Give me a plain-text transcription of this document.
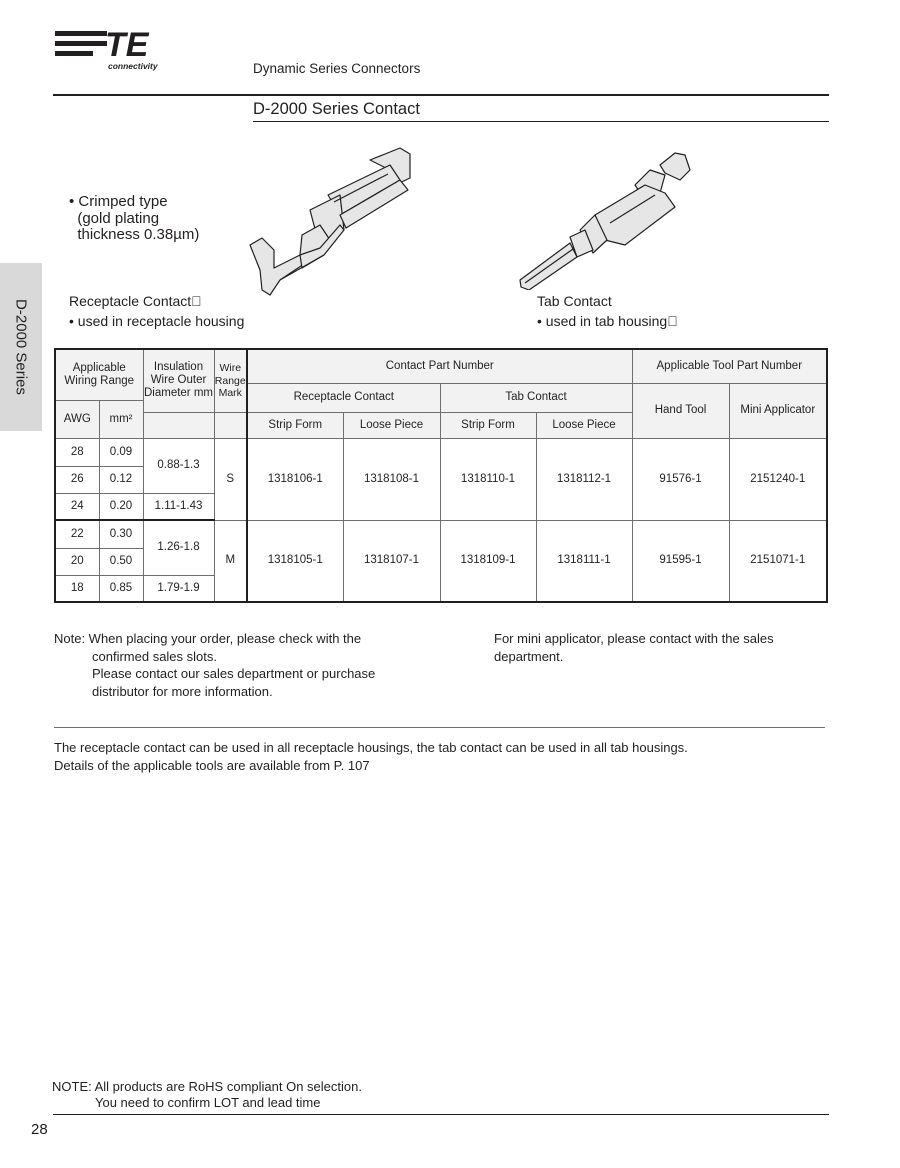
TE
connectivity	Dynamic Series Connectors
D-2000 Series Contact
D-2000 Series
• Crimped type
(gold plating
thickness 0.38µm)
Receptacle Contact 
• used in receptacle housing
Tab Contact
• used in tab housing 
Applicable Wiring Range		Insulation Wire Outer Diameter mm	Wire Range Mark	Contact Part Number				Applicable Tool Part Number	
				Receptacle Contact		Tab Contact		Hand Tool	Mini Applicator
AWG	mm²								
				Strip Form	Loose Piece	Strip Form	Loose Piece		

28	0.09	0.88-1.3	S	1318106-1	1318108-1	1318110-1	1318112-1	91576-1	2151240-1
26	0.12								
24	0.20	1.11-1.43							
22	0.30	1.26-1.8	M	1318105-1	1318107-1	1318109-1	1318111-1	91595-1	2151071-1
20	0.50								
18	0.85	1.79-1.9							
Note: When placing your order, please check with the
confirmed sales slots.
Please contact our sales department or purchase
distributor for more information.
For mini applicator, please contact with the sales
department.
The receptacle contact can be used in all receptacle housings, the tab contact can be used in all tab housings.
Details of the applicable tools are available from P. 107
NOTE: All products are RoHS compliant On selection.
You need to confirm LOT and lead time
28
